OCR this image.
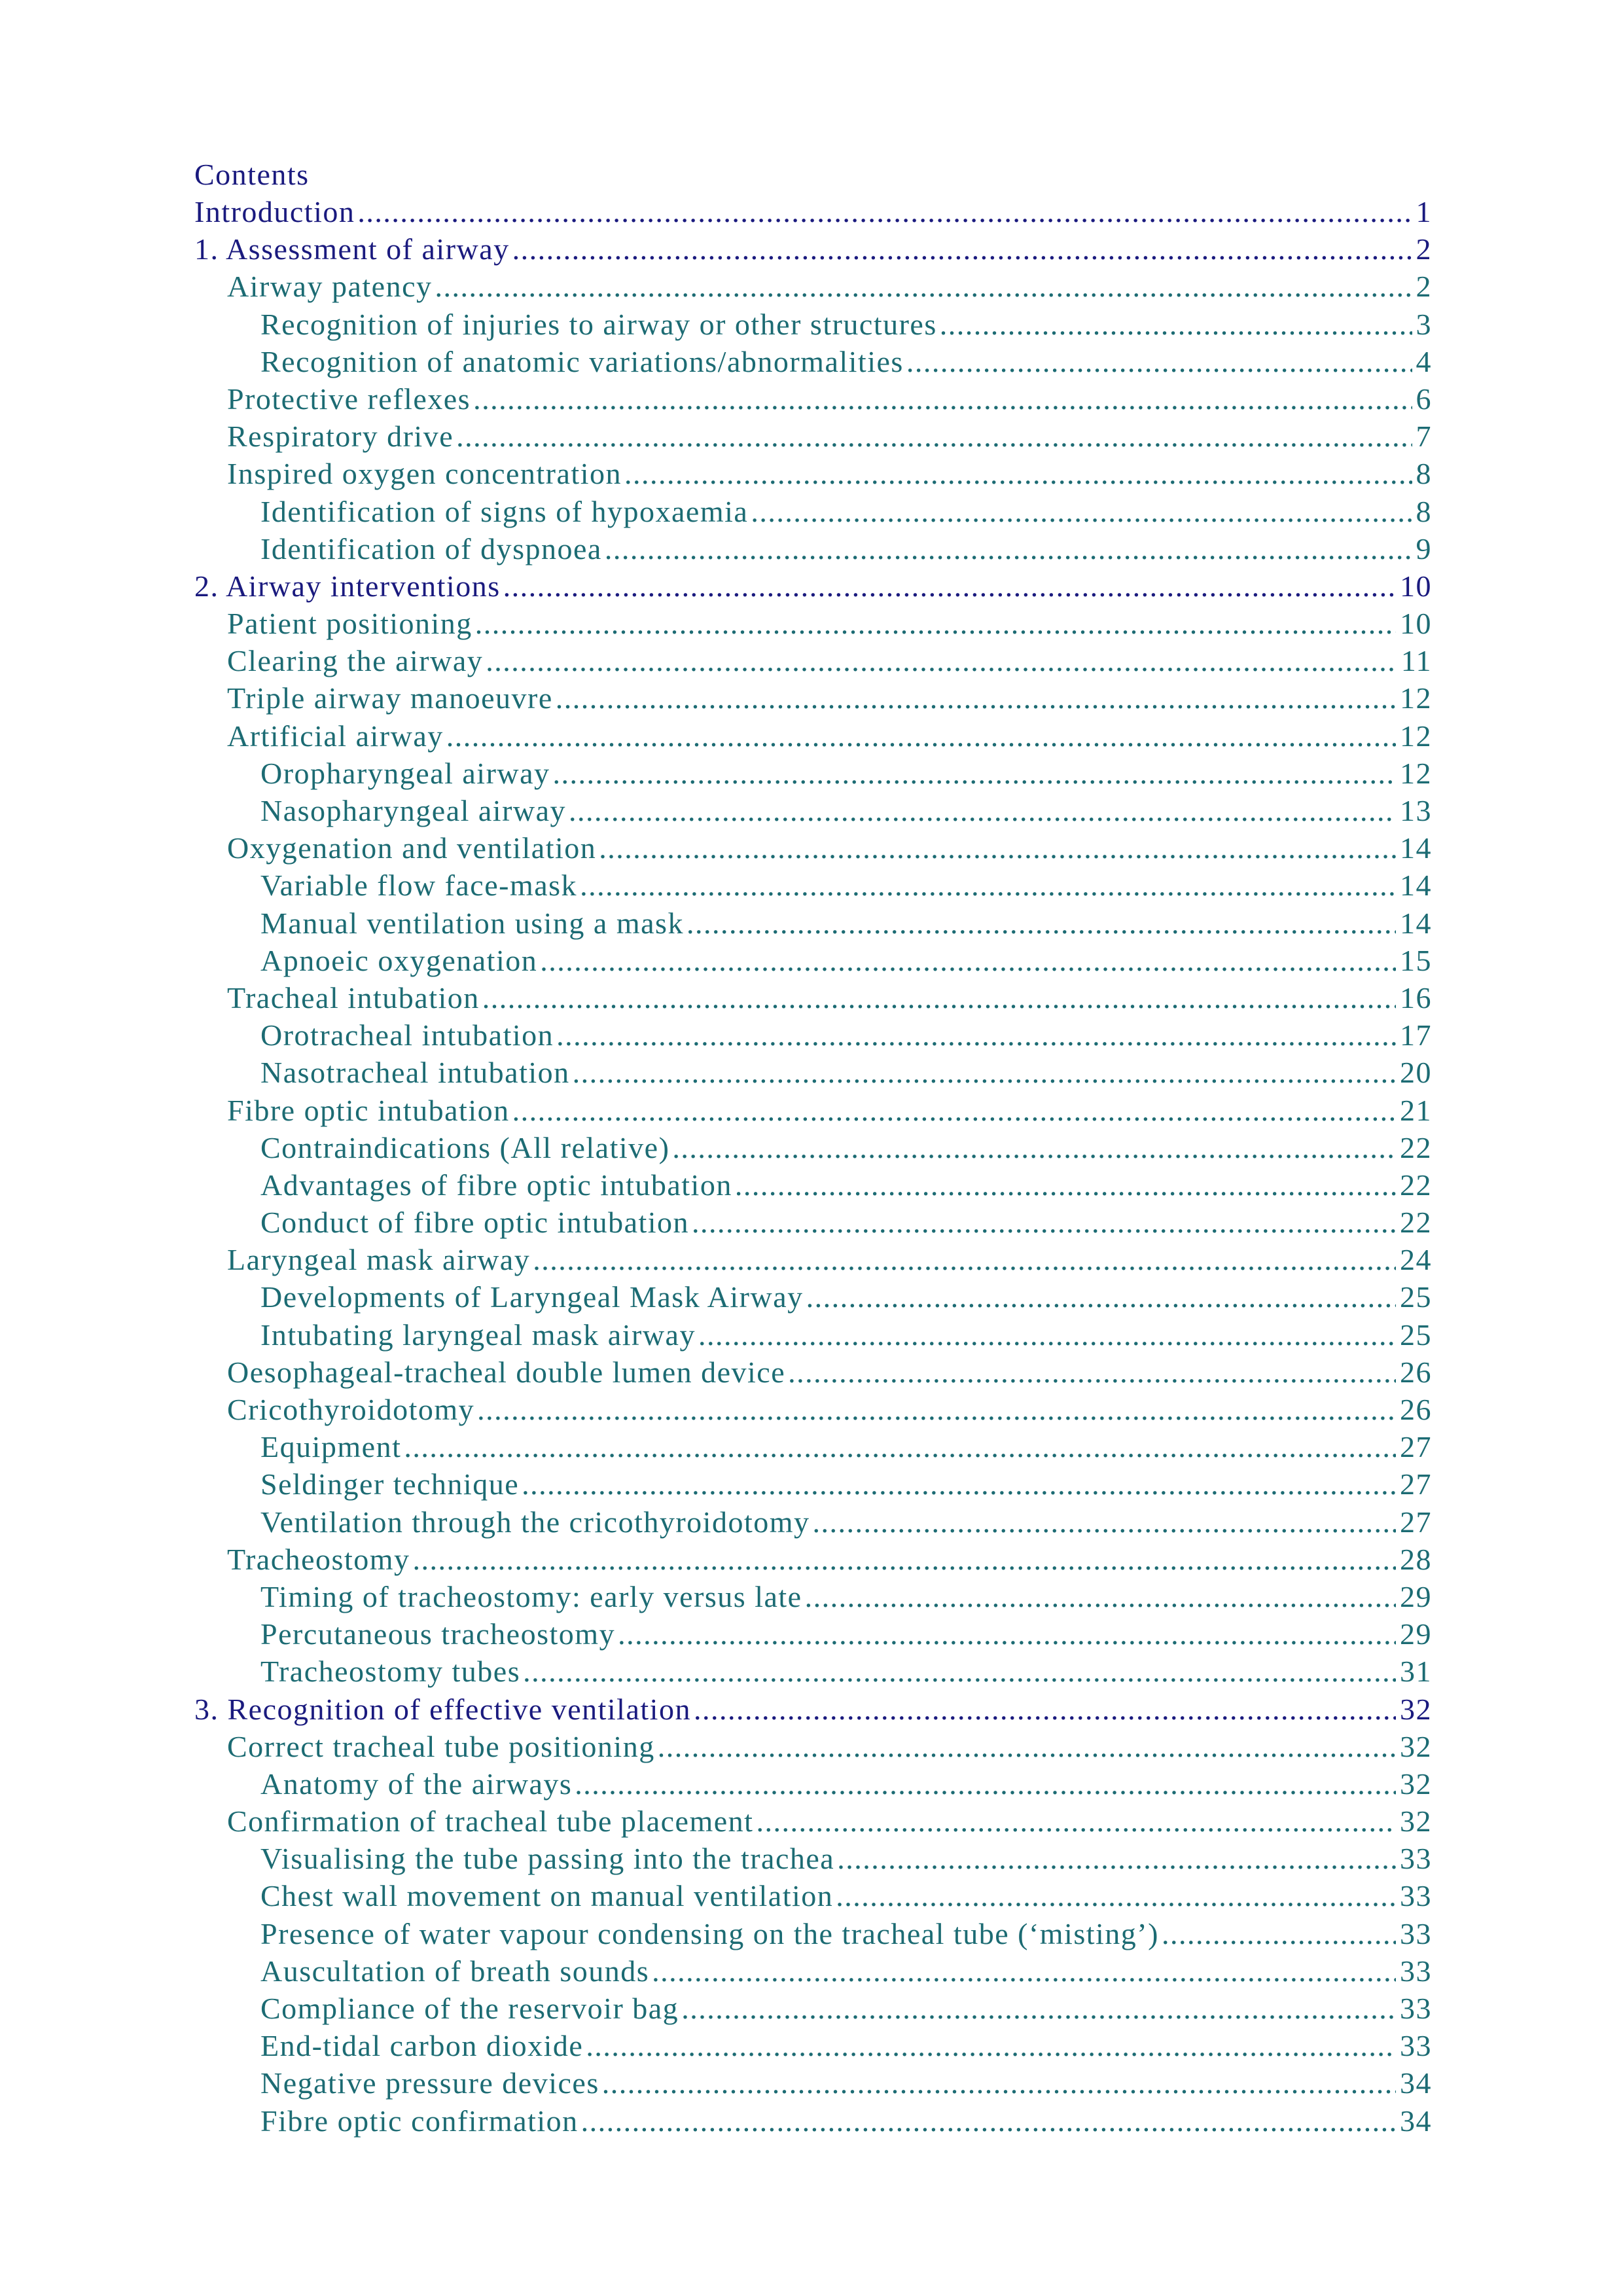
Contents
Introduction .....	1
1. Assessment of airway .....	2
Airway patency .....	2
Recognition of injuries to airway or other structures .....	3
Recognition of anatomic variations/abnormalities .....	4
Protective reflexes .....	6
Respiratory drive .....	7
Inspired oxygen concentration .....	8
Identification of signs of hypoxaemia .....	8
Identification of dyspnoea .....	9
2. Airway interventions .....	10
Patient positioning .....	10
Clearing the airway .....	11
Triple airway manoeuvre .....	12
Artificial airway .....	12
Oropharyngeal airway .....	12
Nasopharyngeal airway .....	13
Oxygenation and ventilation .....	14
Variable flow face-mask .....	14
Manual ventilation using a mask .....	14
Apnoeic oxygenation .....	15
Tracheal intubation .....	16
Orotracheal intubation .....	17
Nasotracheal intubation .....	20
Fibre optic intubation .....	21
Contraindications (All relative) .....	22
Advantages of fibre optic intubation .....	22
Conduct of fibre optic intubation .....	22
Laryngeal mask airway .....	24
Developments of Laryngeal Mask Airway .....	25
Intubating laryngeal mask airway .....	25
Oesophageal-tracheal double lumen device .....	26
Cricothyroidotomy .....	26
Equipment .....	27
Seldinger technique .....	27
Ventilation through the cricothyroidotomy .....	27
Tracheostomy .....	28
Timing of tracheostomy: early versus late .....	29
Percutaneous tracheostomy .....	29
Tracheostomy tubes .....	31
3. Recognition of effective ventilation .....	32
Correct tracheal tube positioning .....	32
Anatomy of the airways .....	32
Confirmation of tracheal tube placement .....	32
Visualising the tube passing into the trachea .....	33
Chest wall movement on manual ventilation .....	33
Presence of water vapour condensing on the tracheal tube (‘misting’) .....	33
Auscultation of breath sounds .....	33
Compliance of the reservoir bag .....	33
End-tidal carbon dioxide .....	33
Negative pressure devices .....	34
Fibre optic confirmation .....	34
